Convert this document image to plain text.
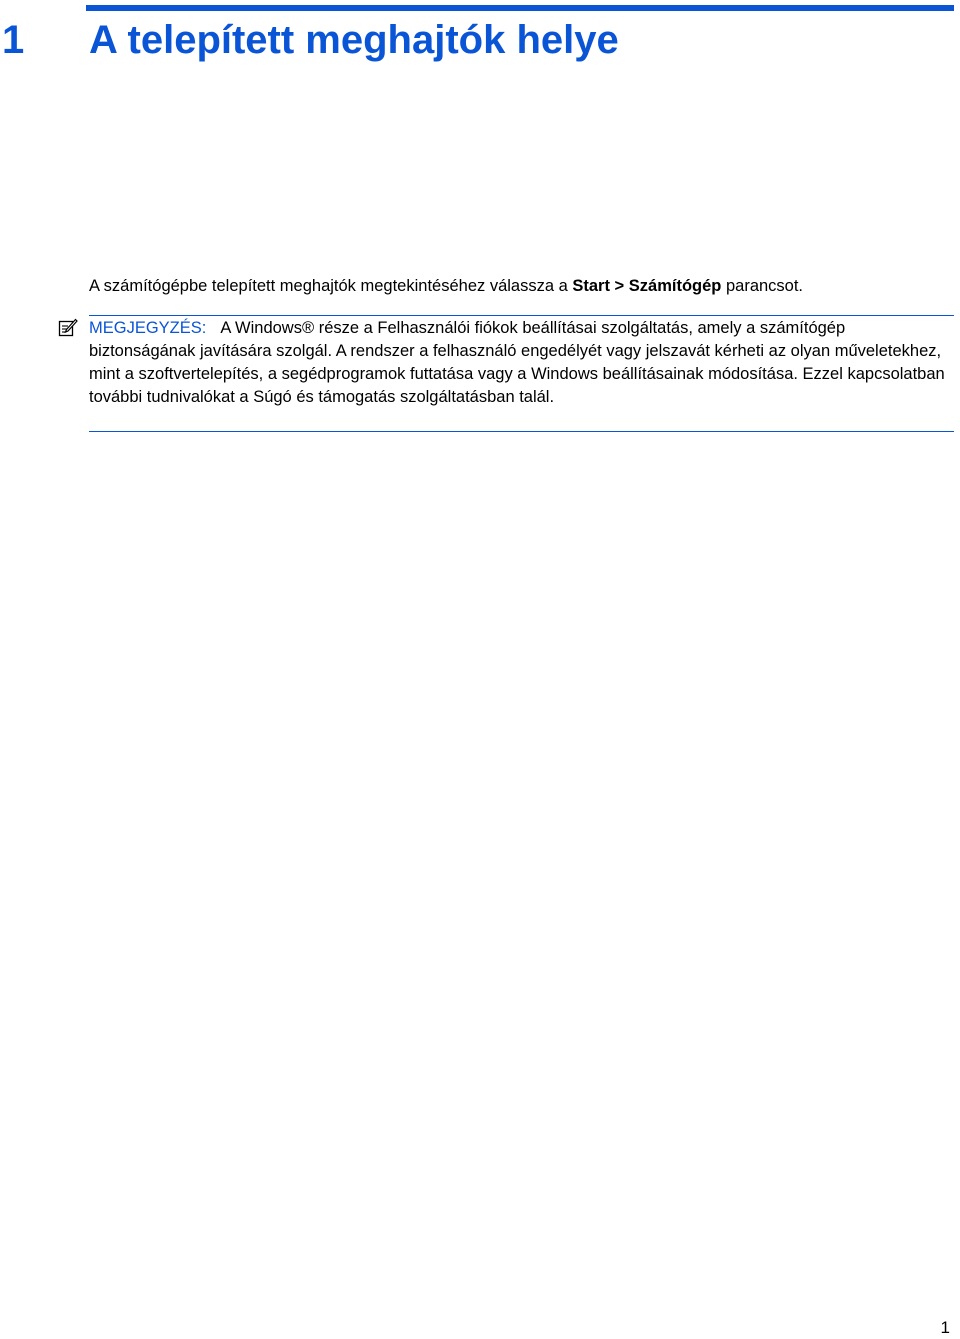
1 A telepített meghajtók helye

A számítógépbe telepített meghajtók megtekintéséhez válassza a Start > Számítógép parancsot.

MEGJEGYZÉS: A Windows® része a Felhasználói fiókok beállításai szolgáltatás, amely a számítógép biztonságának javítására szolgál. A rendszer a felhasználó engedélyét vagy jelszavát kérheti az olyan műveletekhez, mint a szoftvertelepítés, a segédprogramok futtatása vagy a Windows beállításainak módosítása. Ezzel kapcsolatban további tudnivalókat a Súgó és támogatás szolgáltatásban talál.

1
